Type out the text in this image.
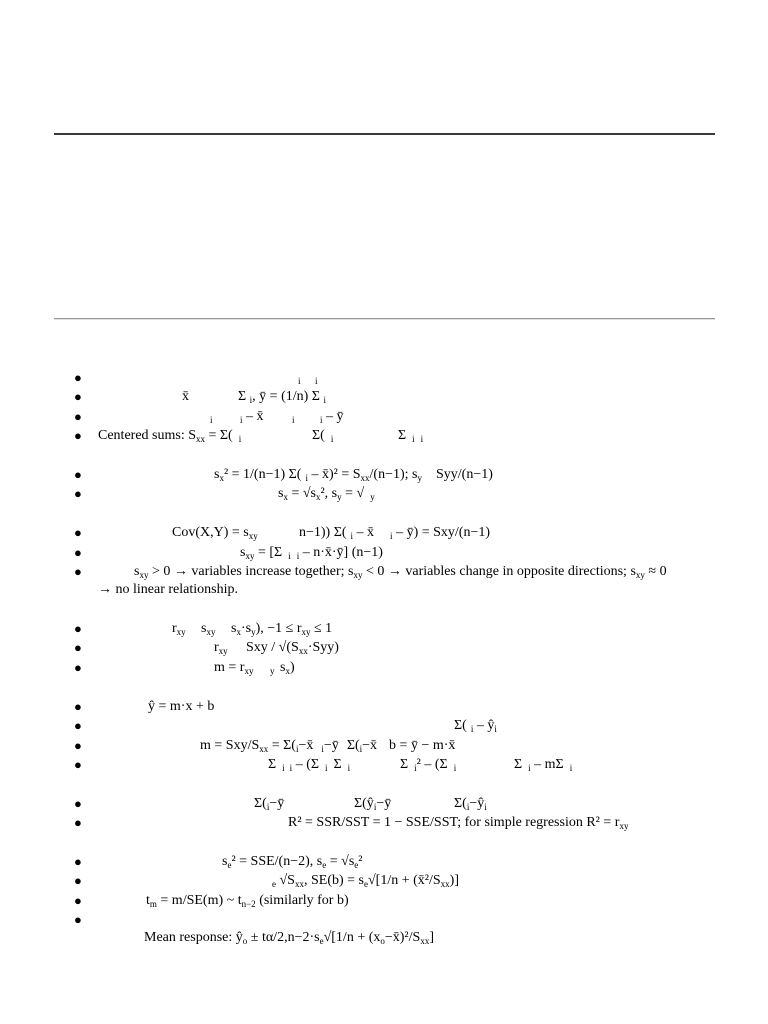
●	$_i$ $_i$
●	x̄	Σ $_i$, ȳ = (1/n) Σ $_i$
●	$_i$	$_i$ – x̄	$_i$	$_i$ – ȳ
● Centered sums: $S_{xx} = \Sigma$( $_i$	Σ( $_i$	Σ $_i$ $_i$
●	$s_x^2 = 1/(n-1)$ Σ( $_i$ – x̄)² = $S_{xx}/(n-1)$; $s_y$ Syy/(n−1)
●	$s_x = √s_x^2$, $s_y$ = √ $_y$
●	$Cov(X,Y) = s_{xy}$	n−1)) Σ( $_i$ – x̄ $_i$ – ȳ) = Sxy/(n−1)
●	$s_{xy} = [\Sigma$ $_i$ $_i$ – n·x̄·ȳ] (n−1)
●	$s_{xy} > 0$ → variables increase together; $s_{xy} < 0$ → variables change in opposite directions; $s_{xy} \approx 0$
→ no linear relationship.
●	$r_{xy}$ $s_{xy}$ $s_x\cdot s_y$), $-1 \le r_{xy} \le 1$
●	$r_{xy}$ Sxy / $√(S_{xx}\cdot Syy)$
●	$m = r_{xy}$ $_y$ $s_x$)
●	ŷ = m·x + b
●	Σ( $_i - ŷ_i$
●	m = Sxy/$S_{xx}$ = $\Sigma(_i-x̄$ $_i$−ȳ $\Sigma(_i-x̄$ b = ȳ − m·x̄
●	Σ $_i$ $_i$ – (Σ $_i$ Σ $_i$	Σ $_i$² – (Σ $_i$	Σ $_i$ – mΣ $_i$
●	$\Sigma(_i-ȳ$	$\Sigma(ŷ_i-ȳ$	$\Sigma(_i-ŷ_i$
●	R² = SSR/SST = 1 − SSE/SST; for simple regression $R^2 = r_{xy}$
●	$s_e^2 = SSE/(n-2)$, $s_e = √s_e^2$
●	$_e$ $√S_{xx}$, $SE(b) = s_e√[1/n$ + $(x̄^2/S_{xx})$]
●	$t_m = m/SE(m)$ ~ $t_{n-2}$ (similarly for b)
●
Mean response: $ŷ_o \pm t\alpha/2,n-2\cdot s_e√[1/n$ + $(x_o-x̄)^2/S_{xx}$]
